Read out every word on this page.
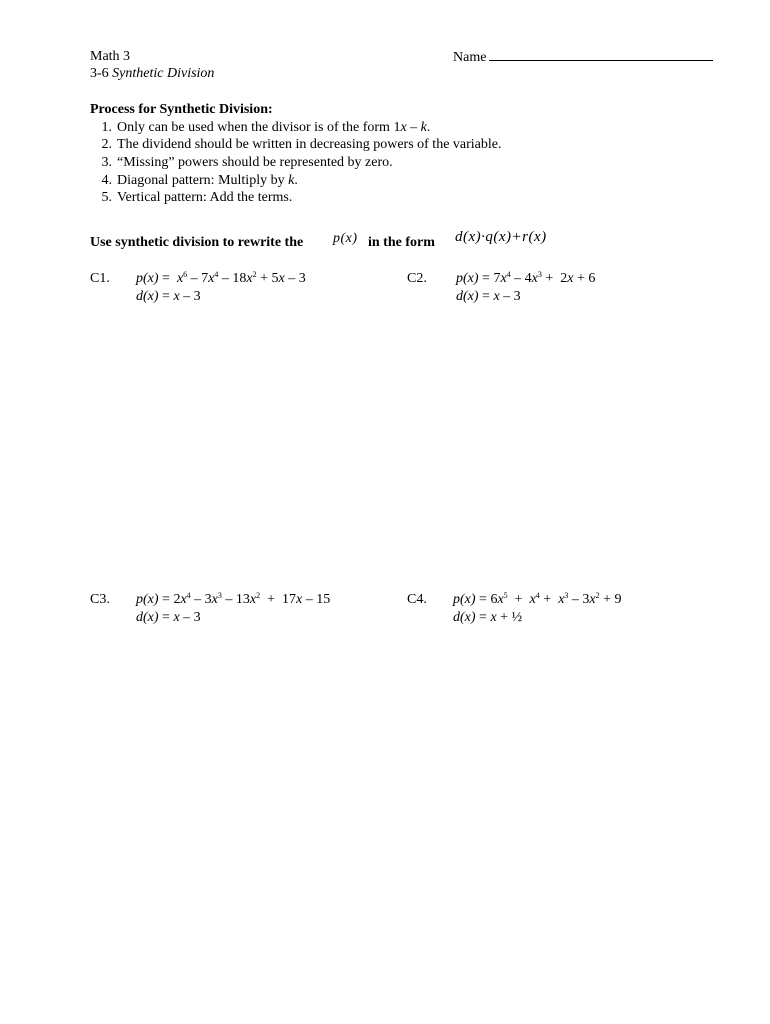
Math 3
3-6 Synthetic Division
Name
Process for Synthetic Division:
1. Only can be used when the divisor is of the form 1x – k.
2. The dividend should be written in decreasing powers of the variable.
3. “Missing” powers should be represented by zero.
4. Diagonal pattern: Multiply by k.
5. Vertical pattern: Add the terms.
Use synthetic division to rewrite the p(x) in the form d(x)·q(x)+r(x)
C1. $p(x) = x^6 - 7x^4 - 18x^2 + 5x - 3$
d(x) = x – 3
C2. $p(x) = 7x^4 - 4x^3 + 2x + 6$
d(x) = x – 3
C3. $p(x) = 2x^4 - 3x^3 - 13x^2 + 17x - 15$
d(x) = x – 3
C4. $p(x) = 6x^5 + x^4 + x^3 - 3x^2 + 9$
d(x) = x + ½
